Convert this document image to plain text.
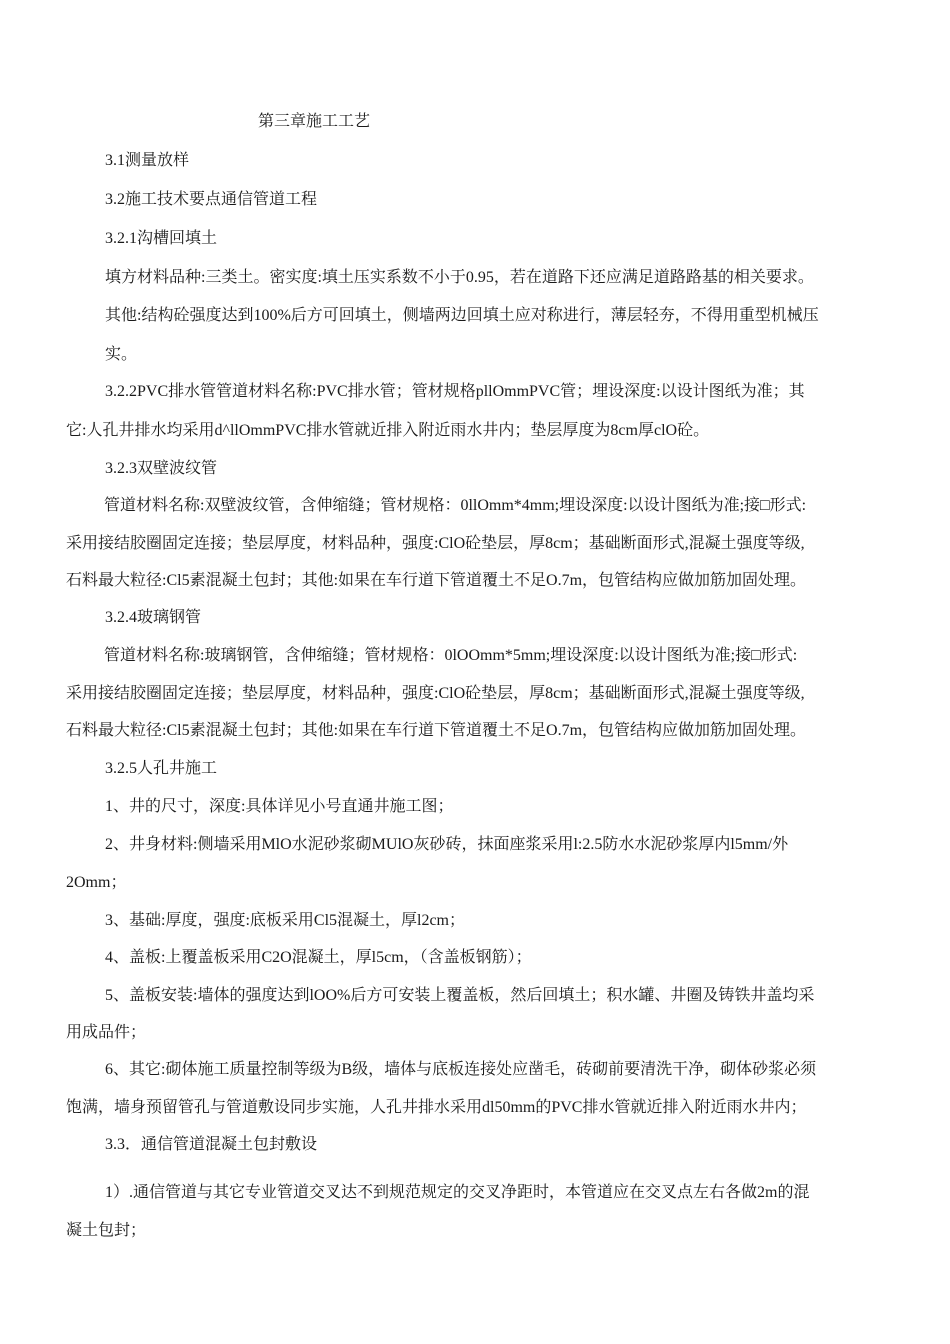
第三章施工工艺
3.1测量放样
3.2施工技术要点通信管道工程
3.2.1沟槽回填土
填方材料品种:三类土。密实度:填土压实系数不小于0.95，若在道路下还应满足道路路基的相关要求。
其他:结构砼强度达到100%后方可回填土，侧墙两边回填土应对称进行，薄层轻夯，不得用重型机械压
实。
3.2.2PVC排水管管道材料名称:PVC排水管；管材规格pllOmmPVC管；埋设深度:以设计图纸为准；其
它:人孔井排水均采用d^llOmmPVC排水管就近排入附近雨水井内；垫层厚度为8cm厚clO砼。
3.2.3双壁波纹管
管道材料名称:双壁波纹管，含伸缩缝；管材规格：0llOmm*4mm;埋设深度:以设计图纸为准;接□形式:
采用接结胶圈固定连接；垫层厚度，材料品种，强度:ClO砼垫层，厚8cm；基础断面形式,混凝土强度等级,
石料最大粒径:Cl5素混凝土包封；其他:如果在车行道下管道覆土不足O.7m，包管结构应做加筋加固处理。
3.2.4玻璃钢管
管道材料名称:玻璃钢管，含伸缩缝；管材规格：0lOOmm*5mm;埋设深度:以设计图纸为准;接□形式:
采用接结胶圈固定连接；垫层厚度，材料品种，强度:ClO砼垫层，厚8cm；基础断面形式,混凝土强度等级,
石料最大粒径:Cl5素混凝土包封；其他:如果在车行道下管道覆土不足O.7m，包管结构应做加筋加固处理。
3.2.5人孔井施工
1、井的尺寸，深度:具体详见小号直通井施工图；
2、井身材料:侧墙采用MlO水泥砂浆砌MUlO灰砂砖，抹面座浆采用l:2.5防水水泥砂浆厚内l5mm/外
2Omm；
3、基础:厚度，强度:底板采用Cl5混凝土，厚l2cm；
4、盖板:上覆盖板采用C2O混凝土，厚l5cm，（含盖板钢筋）；
5、盖板安装:墙体的强度达到lOO%后方可安装上覆盖板，然后回填土；积水罐、井圈及铸铁井盖均采
用成品件；
6、其它:砌体施工质量控制等级为B级，墙体与底板连接处应凿毛，砖砌前要清洗干净，砌体砂浆必须
饱满，墙身预留管孔与管道敷设同步实施，人孔井排水采用dl50mm的PVC排水管就近排入附近雨水井内；
3.3．通信管道混凝土包封敷设
1）.通信管道与其它专业管道交叉达不到规范规定的交叉净距时，本管道应在交叉点左右各做2m的混
凝土包封；
